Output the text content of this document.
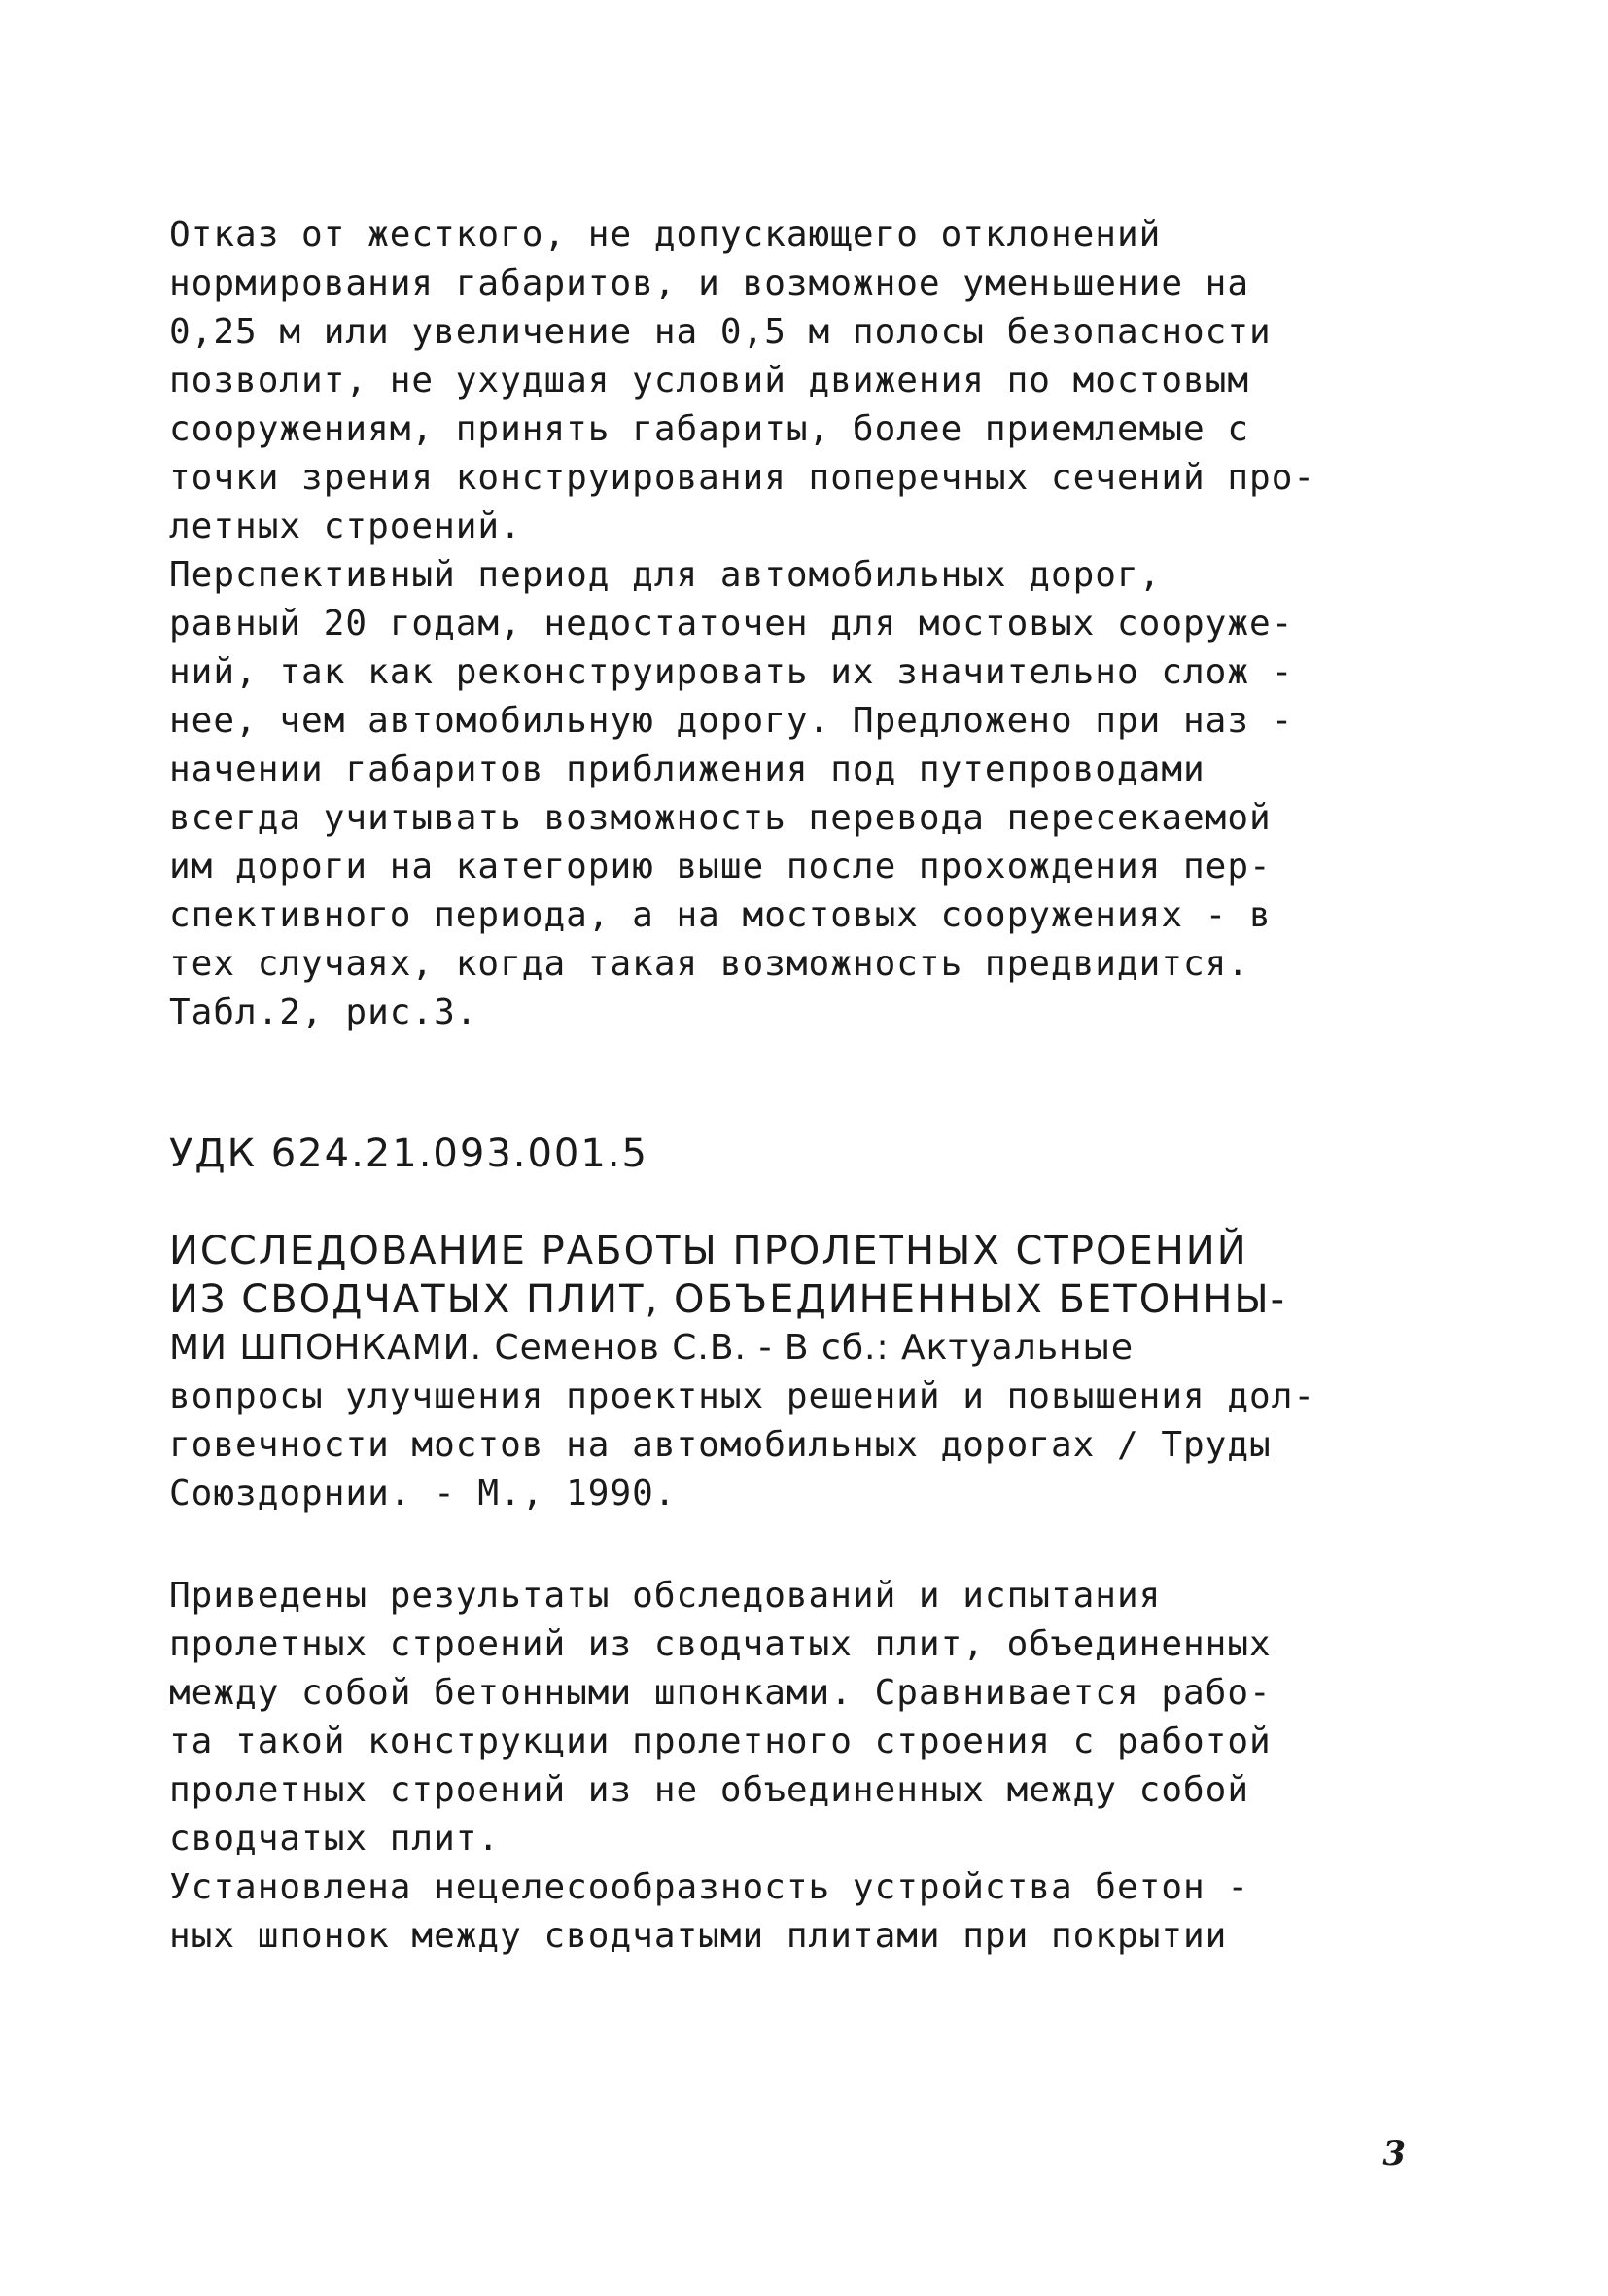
Отказ от жесткого, не допускающего отклонений
нормирования габаритов, и возможное уменьшение на
0,25 м или увеличение на 0,5 м полосы безопасности
позволит, не ухудшая условий движения по мостовым
сооружениям, принять габариты, более приемлемые с
точки зрения конструирования поперечных сечений про-
летных строений.
Перспективный период для автомобильных дорог,
равный 20 годам, недостаточен для мостовых сооруже-
ний, так как реконструировать их значительно слож -
нее, чем автомобильную дорогу. Предложено при наз -
начении габаритов приближения под путепроводами
всегда учитывать возможность перевода пересекаемой
им дороги на категорию выше после прохождения пер-
спективного периода, а на мостовых сооружениях - в
тех случаях, когда такая возможность предвидится.
Табл.2, рис.3.
УДК 624.21.093.001.5
ИССЛЕДОВАНИЕ РАБОТЫ ПРОЛЕТНЫХ СТРОЕНИЙ
ИЗ СВОДЧАТЫХ ПЛИТ, ОБЪЕДИНЕННЫХ БЕТОННЫ-
МИ ШПОНКАМИ. Семенов С.В. - В сб.: Актуальные
вопросы улучшения проектных решений и повышения дол-
говечности мостов на автомобильных дорогах / Труды
Союздорнии. - М., 1990.
Приведены результаты обследований и испытания
пролетных строений из сводчатых плит, объединенных
между собой бетонными шпонками. Сравнивается рабо-
та такой конструкции пролетного строения с работой
пролетных строений из не объединенных между собой
сводчатых плит.
Установлена нецелесообразность устройства бетон -
ных шпонок между сводчатыми плитами при покрытии
3
